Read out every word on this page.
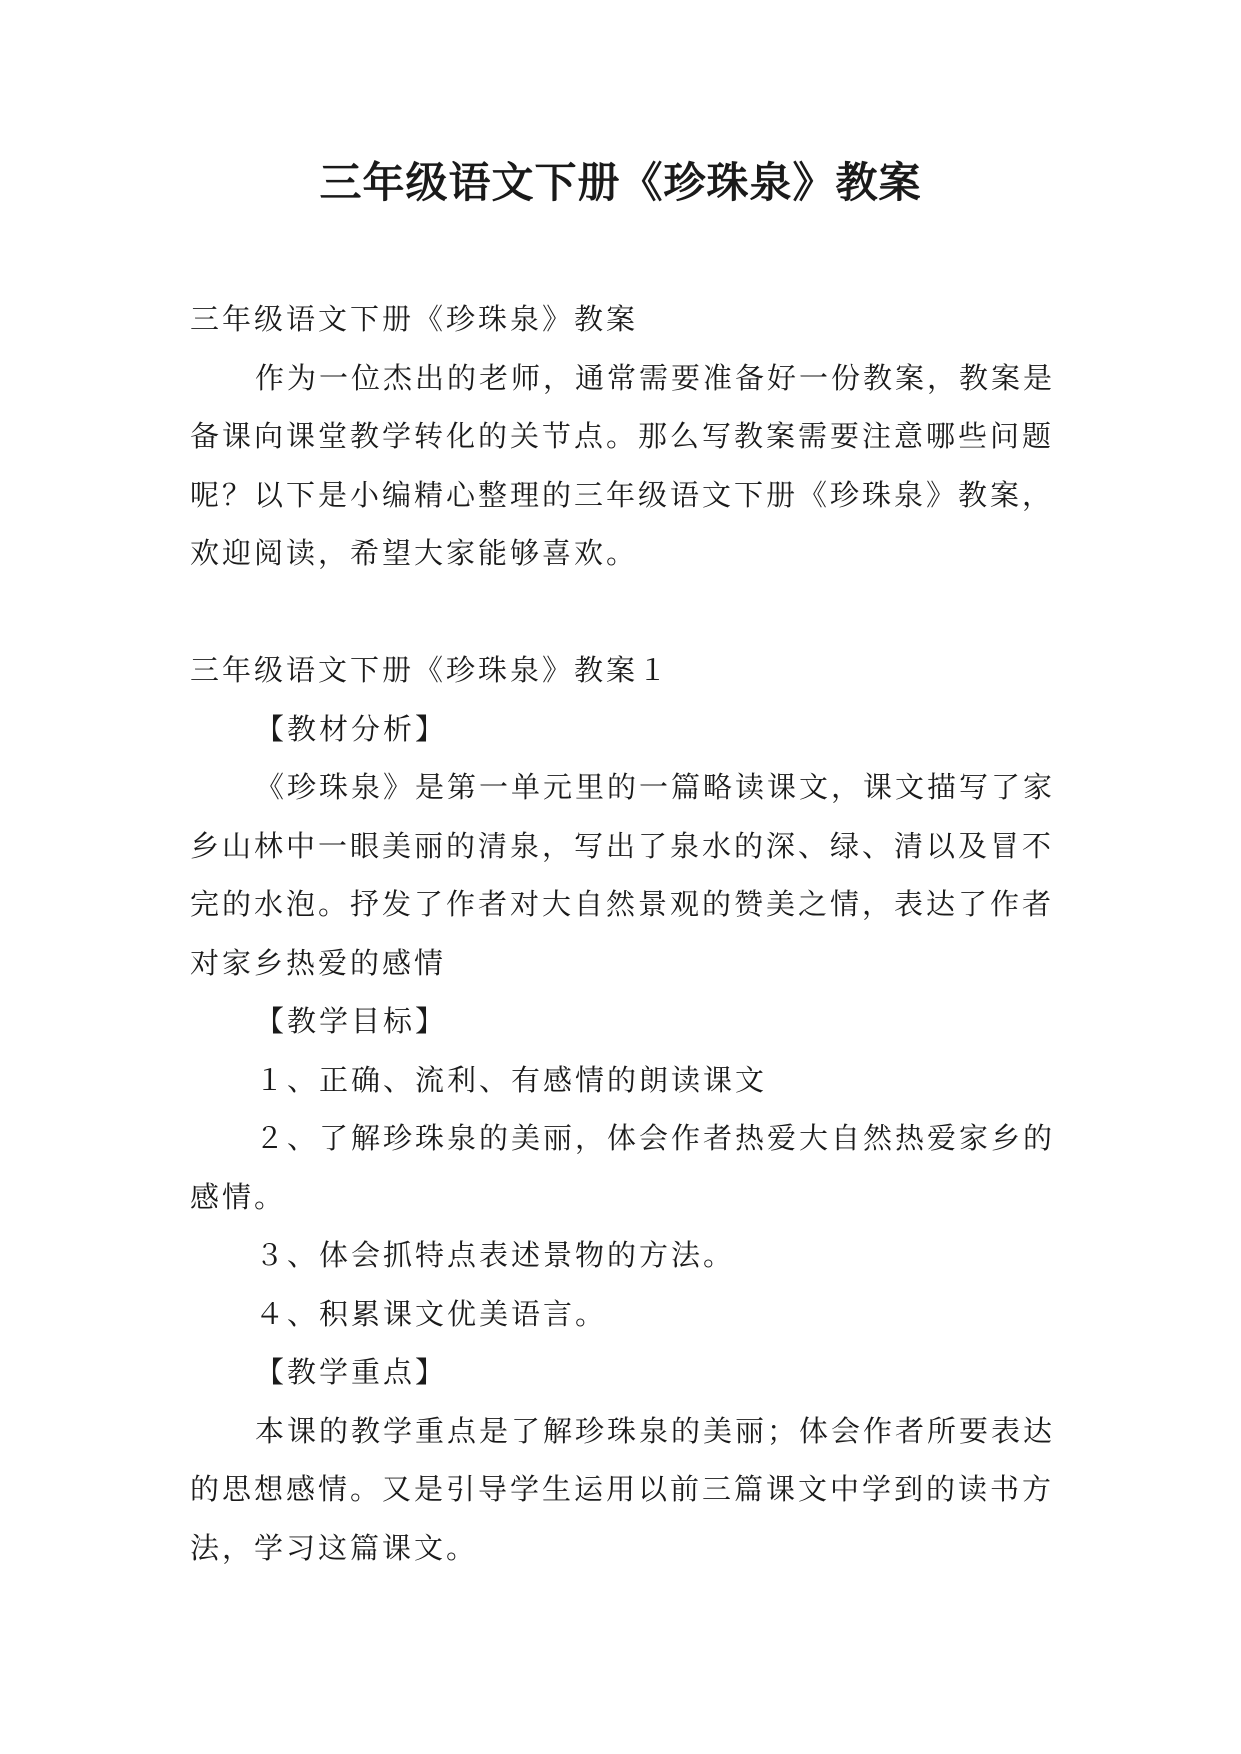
三年级语文下册《珍珠泉》教案

三年级语文下册《珍珠泉》教案

作为一位杰出的老师，通常需要准备好一份教案，教案是备课向课堂教学转化的关节点。那么写教案需要注意哪些问题呢？以下是小编精心整理的三年级语文下册《珍珠泉》教案，欢迎阅读，希望大家能够喜欢。

三年级语文下册《珍珠泉》教案１

【教材分析】

《珍珠泉》是第一单元里的一篇略读课文，课文描写了家乡山林中一眼美丽的清泉，写出了泉水的深、绿、清以及冒不完的水泡。抒发了作者对大自然景观的赞美之情，表达了作者对家乡热爱的感情

【教学目标】

１、正确、流利、有感情的朗读课文

２、了解珍珠泉的美丽，体会作者热爱大自然热爱家乡的感情。

３、体会抓特点表述景物的方法。

４、积累课文优美语言。

【教学重点】

本课的教学重点是了解珍珠泉的美丽；体会作者所要表达的思想感情。又是引导学生运用以前三篇课文中学到的读书方法，学习这篇课文。
